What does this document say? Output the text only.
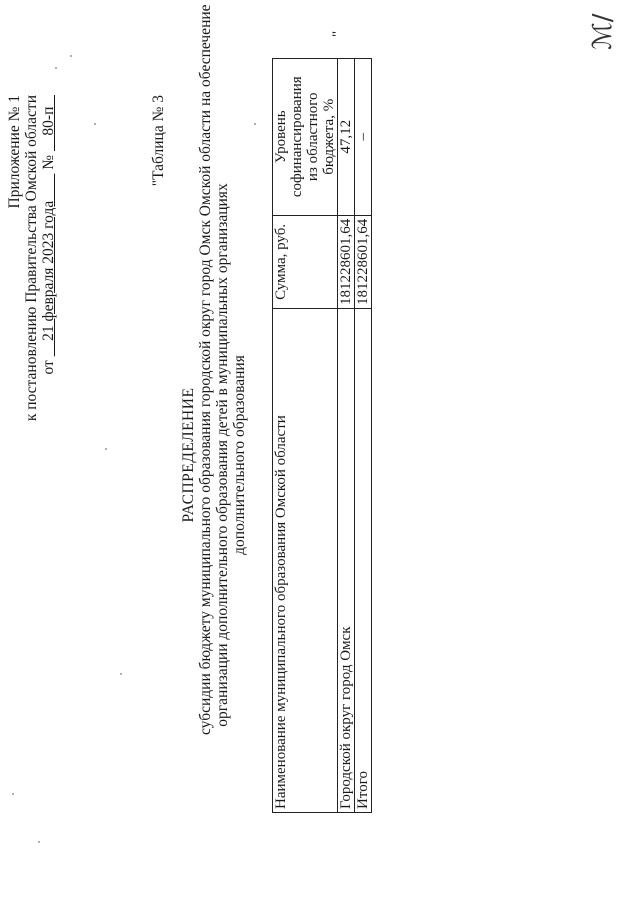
Приложение № 1 к постановлению Правительства Омской области от     21 февраля 2023 года        №     80-п	"Таблица № 3
РАСПРЕДЕЛЕНИЕ субсидии бюджету муниципального образования городской округ город Омск Омской области на обеспечение организации дополнительного образования детей в муниципальных организациях дополнительного образования Наименование муниципального образования Омской области	Сумма, руб.	Уровень софинансирования из областного бюджета, %

Городской округ город Омск	181228601,64	47,12
Итого	181228601,64	–
"	ℳ/
